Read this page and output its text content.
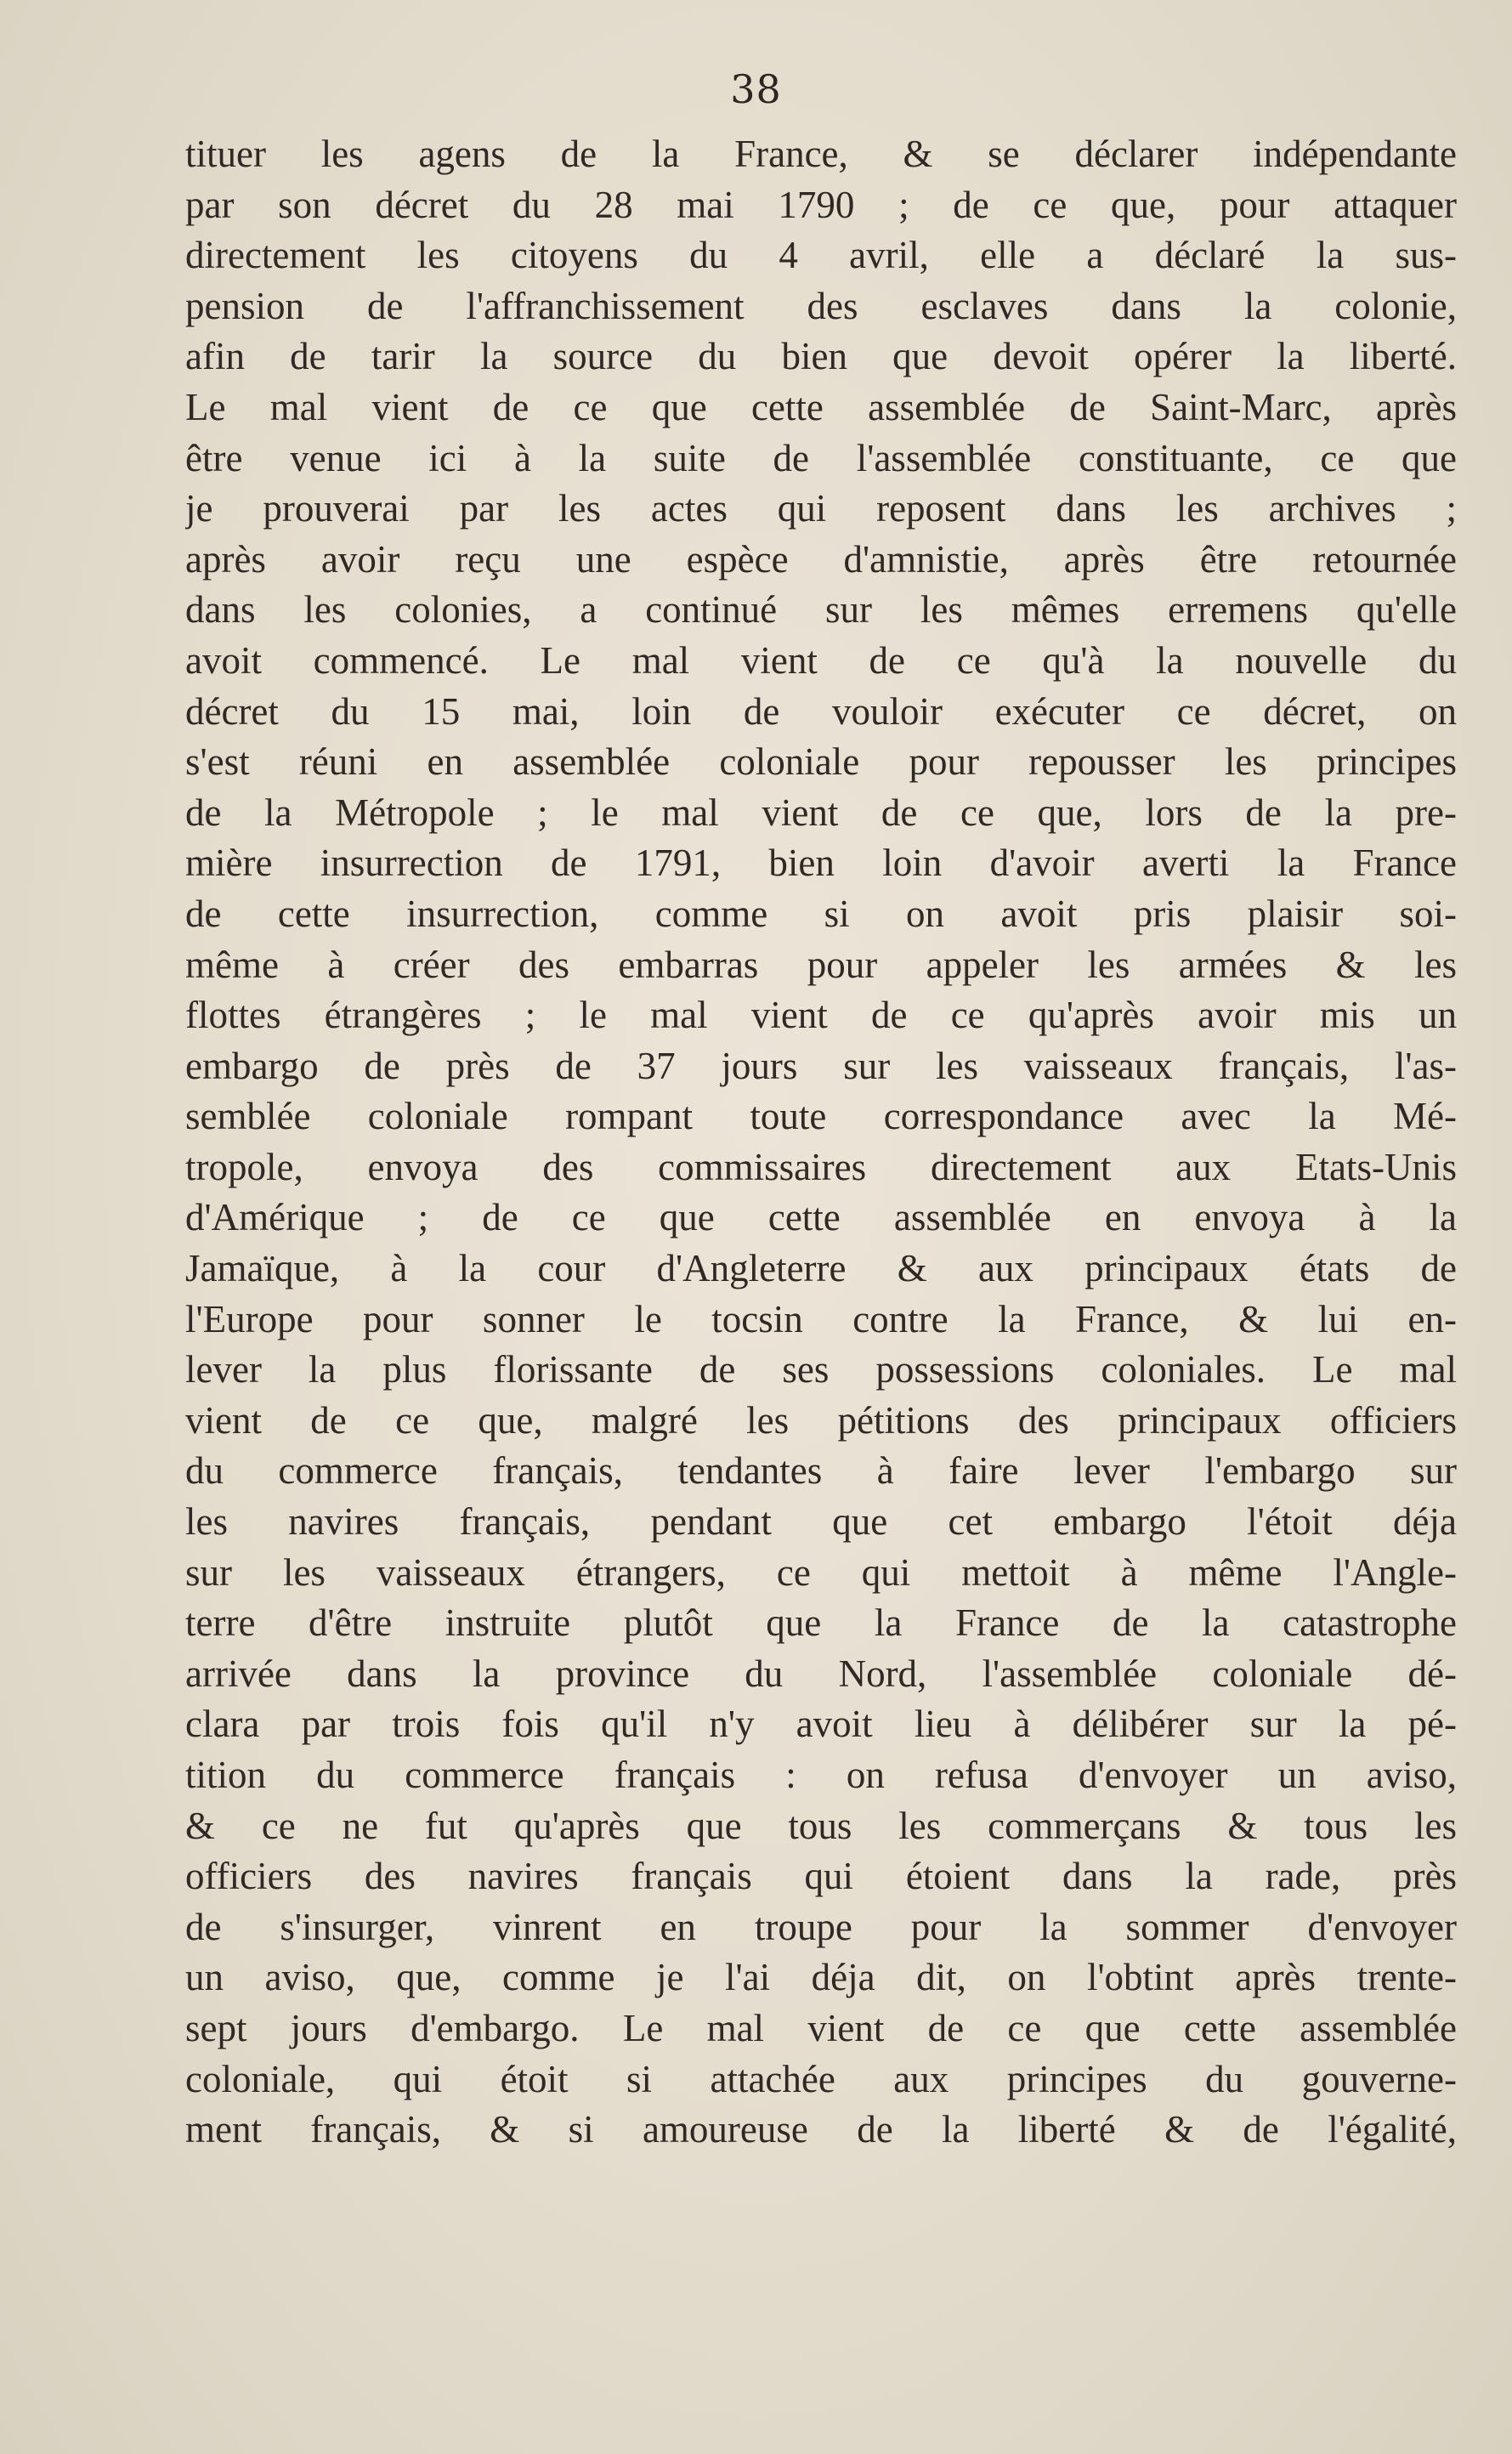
38
tituer les agens de la France, & se déclarer indépendante
par son décret du 28 mai 1790 ; de ce que, pour attaquer
directement les citoyens du 4 avril, elle a déclaré la sus-
pension de l'affranchissement des esclaves dans la colonie,
afin de tarir la source du bien que devoit opérer la liberté.
Le mal vient de ce que cette assemblée de Saint-Marc, après
être venue ici à la suite de l'assemblée constituante, ce que
je prouverai par les actes qui reposent dans les archives ;
après avoir reçu une espèce d'amnistie, après être retournée
dans les colonies, a continué sur les mêmes erremens qu'elle
avoit commencé. Le mal vient de ce qu'à la nouvelle du
décret du 15 mai, loin de vouloir exécuter ce décret, on
s'est réuni en assemblée coloniale pour repousser les principes
de la Métropole ; le mal vient de ce que, lors de la pre-
mière insurrection de 1791, bien loin d'avoir averti la France
de cette insurrection, comme si on avoit pris plaisir soi-
même à créer des embarras pour appeler les armées & les
flottes étrangères ; le mal vient de ce qu'après avoir mis un
embargo de près de 37 jours sur les vaisseaux français, l'as-
semblée coloniale rompant toute correspondance avec la Mé-
tropole, envoya des commissaires directement aux Etats-Unis
d'Amérique ; de ce que cette assemblée en envoya à la
Jamaïque, à la cour d'Angleterre & aux principaux états de
l'Europe pour sonner le tocsin contre la France, & lui en-
lever la plus florissante de ses possessions coloniales. Le mal
vient de ce que, malgré les pétitions des principaux officiers
du commerce français, tendantes à faire lever l'embargo sur
les navires français, pendant que cet embargo l'étoit déja
sur les vaisseaux étrangers, ce qui mettoit à même l'Angle-
terre d'être instruite plutôt que la France de la catastrophe
arrivée dans la province du Nord, l'assemblée coloniale dé-
clara par trois fois qu'il n'y avoit lieu à délibérer sur la pé-
tition du commerce français : on refusa d'envoyer un aviso,
& ce ne fut qu'après que tous les commerçans & tous les
officiers des navires français qui étoient dans la rade, près
de s'insurger, vinrent en troupe pour la sommer d'envoyer
un aviso, que, comme je l'ai déja dit, on l'obtint après trente-
sept jours d'embargo. Le mal vient de ce que cette assemblée
coloniale, qui étoit si attachée aux principes du gouverne-
ment français, & si amoureuse de la liberté & de l'égalité,
